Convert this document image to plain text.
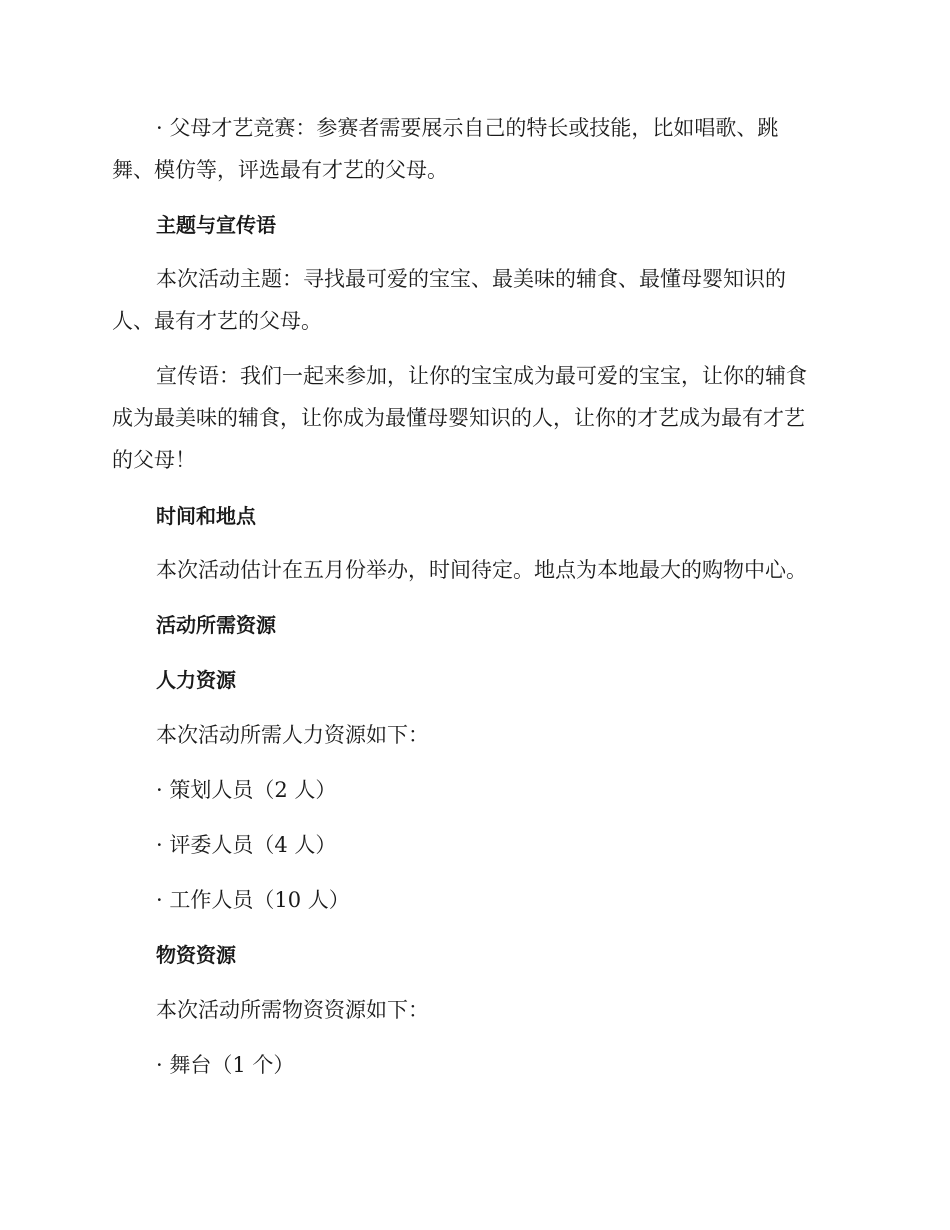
· 父母才艺竞赛：参赛者需要展示自己的特长或技能，比如唱歌、跳
舞、模仿等，评选最有才艺的父母。
主题与宣传语
本次活动主题：寻找最可爱的宝宝、最美味的辅食、最懂母婴知识的
人、最有才艺的父母。
宣传语：我们一起来参加，让你的宝宝成为最可爱的宝宝，让你的辅食
成为最美味的辅食，让你成为最懂母婴知识的人，让你的才艺成为最有才艺
的父母！
时间和地点
本次活动估计在五月份举办，时间待定。地点为本地最大的购物中心。
活动所需资源
人力资源
本次活动所需人力资源如下：
· 策划人员（2 人）
· 评委人员（4 人）
· 工作人员（10 人）
物资资源
本次活动所需物资资源如下：
· 舞台（1 个）
